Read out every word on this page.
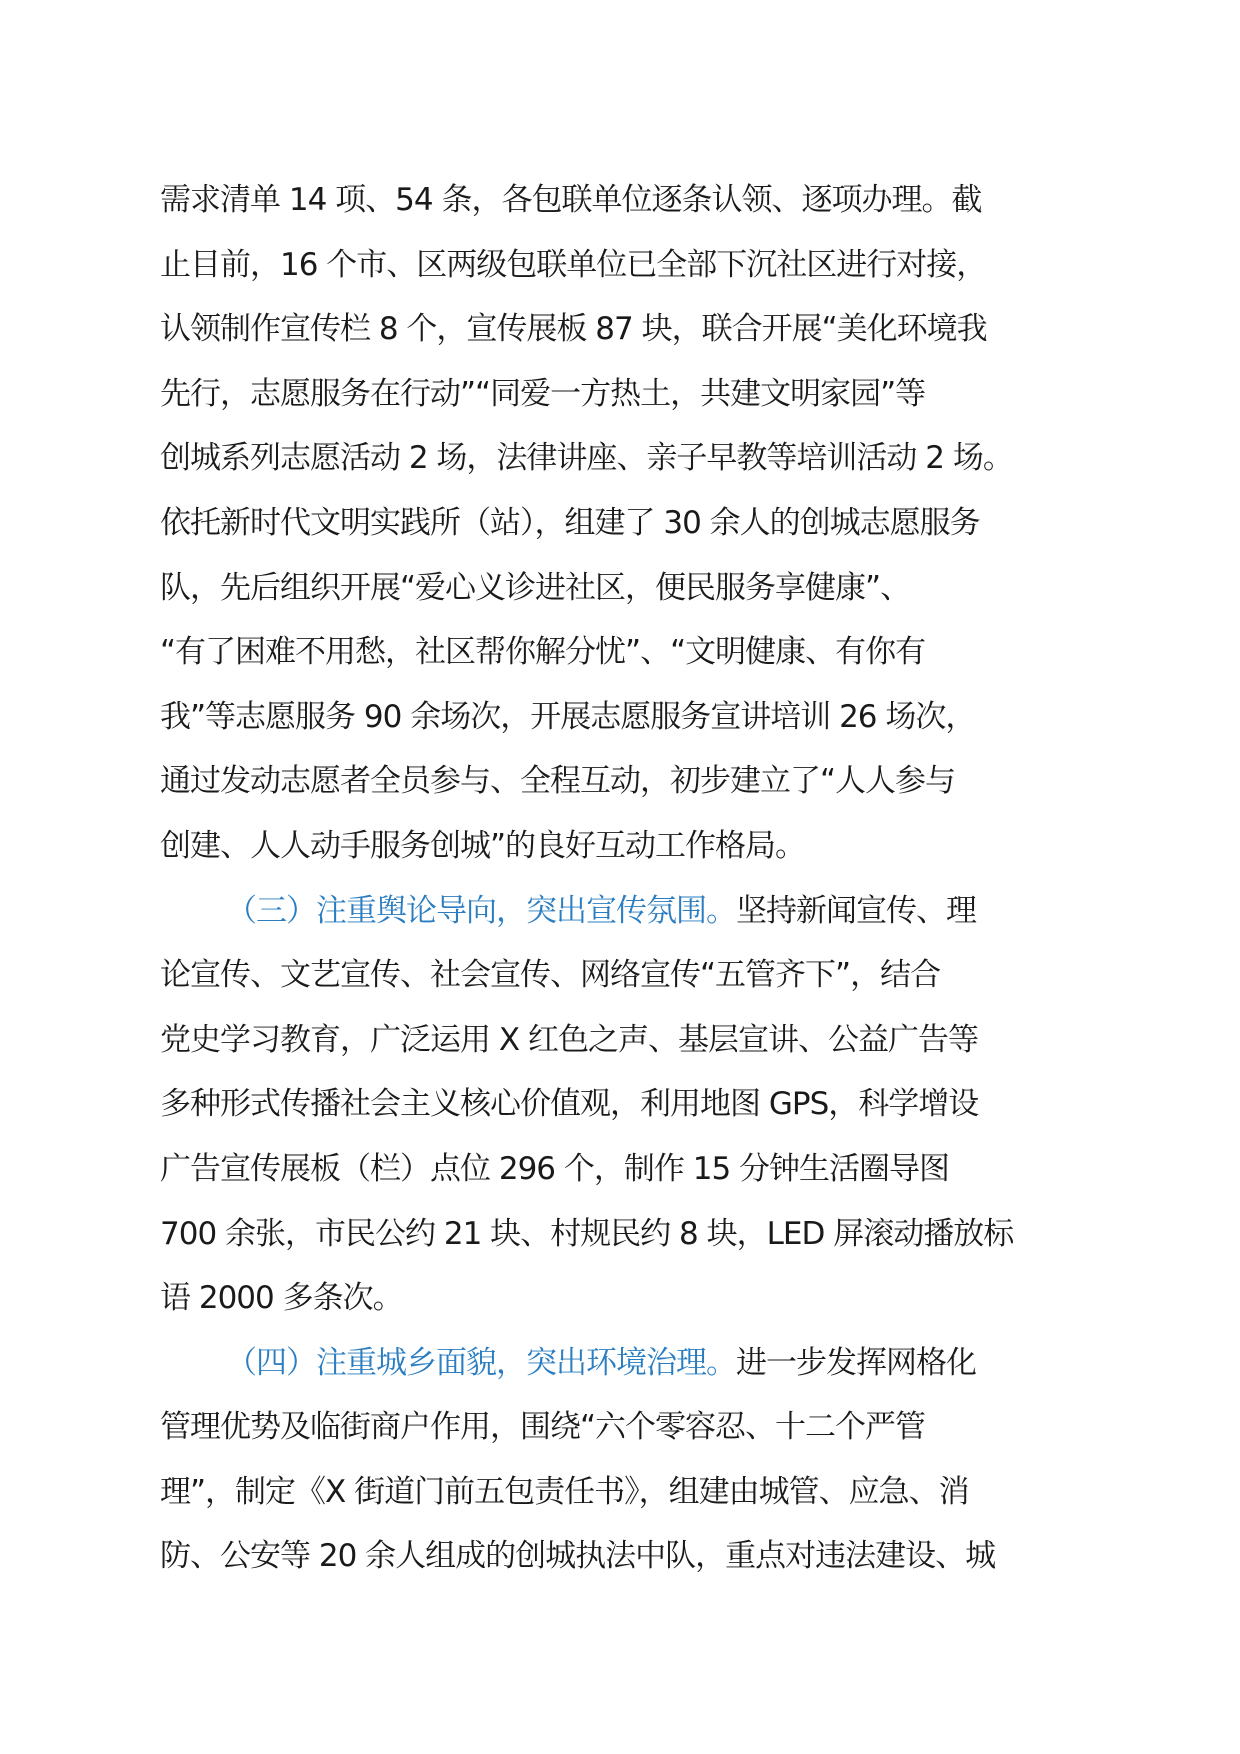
需求清单 14 项、54 条，各包联单位逐条认领、逐项办理。截
止目前，16 个市、区两级包联单位已全部下沉社区进行对接，
认领制作宣传栏 8 个，宣传展板 87 块，联合开展“美化环境我
先行，志愿服务在行动”“同爱一方热土，共建文明家园”等
创城系列志愿活动 2 场，法律讲座、亲子早教等培训活动 2 场。
依托新时代文明实践所（站），组建了 30 余人的创城志愿服务
队，先后组织开展“爱心义诊进社区，便民服务享健康”、
“有了困难不用愁，社区帮你解分忧”、“文明健康、有你有
我”等志愿服务 90 余场次，开展志愿服务宣讲培训 26 场次，
通过发动志愿者全员参与、全程互动，初步建立了“人人参与
创建、人人动手服务创城”的良好互动工作格局。
（三）注重舆论导向，突出宣传氛围。坚持新闻宣传、理
论宣传、文艺宣传、社会宣传、网络宣传“五管齐下”，结合
党史学习教育，广泛运用 X 红色之声、基层宣讲、公益广告等
多种形式传播社会主义核心价值观，利用地图 GPS，科学增设
广告宣传展板（栏）点位 296 个，制作 15 分钟生活圈导图
700 余张，市民公约 21 块、村规民约 8 块，LED 屏滚动播放标
语 2000 多条次。
（四）注重城乡面貌，突出环境治理。进一步发挥网格化
管理优势及临街商户作用，围绕“六个零容忍、十二个严管
理”，制定《X 街道门前五包责任书》，组建由城管、应急、消
防、公安等 20 余人组成的创城执法中队，重点对违法建设、城
